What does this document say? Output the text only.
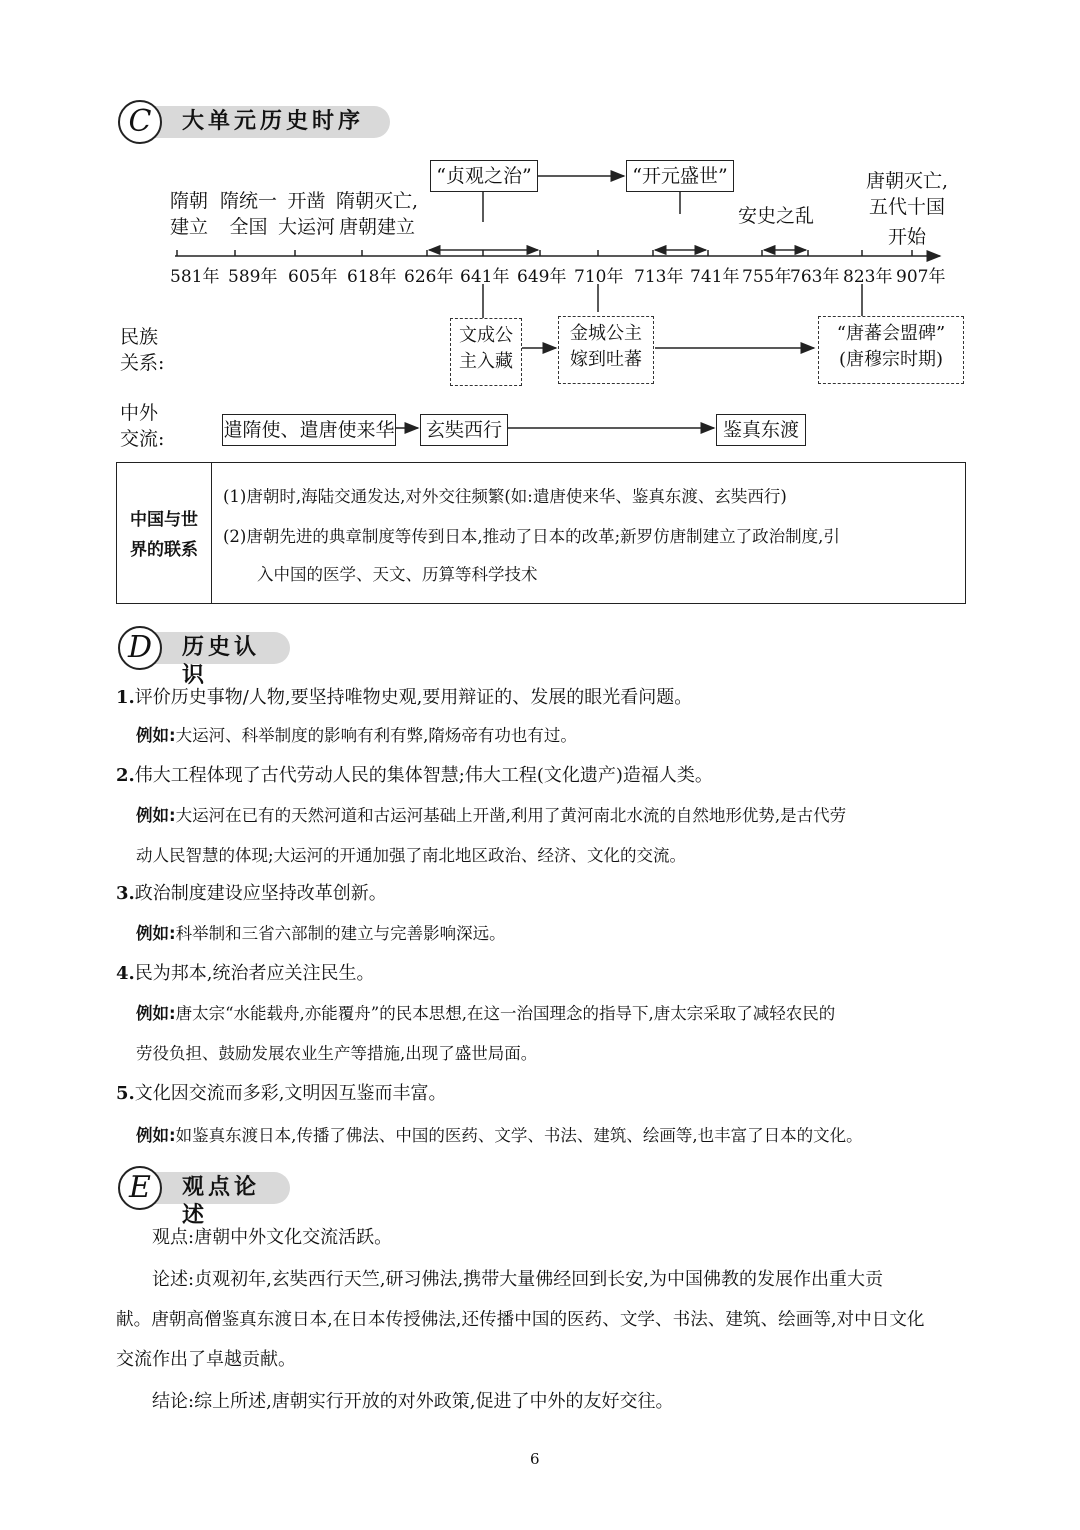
大单元历史时序
C
隋朝
建立
隋统一
全国
开凿
大运河
隋朝灭亡,
唐朝建立
“贞观之治”	“开元盛世”
安史之乱
唐朝灭亡,
五代十国
开始
581年 589年 605年 618年 626年 641年 649年 710年 713年 741年 755年
763年 823年 907年
民族
关系:
文成公
主入藏
金城公主
嫁到吐蕃
“唐蕃会盟碑”
(唐穆宗时期)
中外
交流:	遣隋使、遣唐使来华	玄奘西行	鉴真东渡
中国与世
界的联系
(1)唐朝时,海陆交通发达,对外交往频繁(如:遣唐使来华、鉴真东渡、玄奘西行)
(2)唐朝先进的典章制度等传到日本,推动了日本的改革;新罗仿唐制建立了政治制度,引
入中国的医学、天文、历算等科学技术
历史认识
D
1.评价历史事物/人物,要坚持唯物史观,要用辩证的、发展的眼光看问题。
例如:大运河、科举制度的影响有利有弊,隋炀帝有功也有过。
2.伟大工程体现了古代劳动人民的集体智慧;伟大工程(文化遗产)造福人类。
例如:大运河在已有的天然河道和古运河基础上开凿,利用了黄河南北水流的自然地形优势,是古代劳
动人民智慧的体现;大运河的开通加强了南北地区政治、经济、文化的交流。
3.政治制度建设应坚持改革创新。
例如:科举制和三省六部制的建立与完善影响深远。
4.民为邦本,统治者应关注民生。
例如:唐太宗“水能载舟,亦能覆舟”的民本思想,在这一治国理念的指导下,唐太宗采取了减轻农民的
劳役负担、鼓励发展农业生产等措施,出现了盛世局面。
5.文化因交流而多彩,文明因互鉴而丰富。
例如:如鉴真东渡日本,传播了佛法、中国的医药、文学、书法、建筑、绘画等,也丰富了日本的文化。
观点论述
E
观点:唐朝中外文化交流活跃。
论述:贞观初年,玄奘西行天竺,研习佛法,携带大量佛经回到长安,为中国佛教的发展作出重大贡
献。唐朝高僧鉴真东渡日本,在日本传授佛法,还传播中国的医药、文学、书法、建筑、绘画等,对中日文化
交流作出了卓越贡献。
结论:综上所述,唐朝实行开放的对外政策,促进了中外的友好交往。
6
